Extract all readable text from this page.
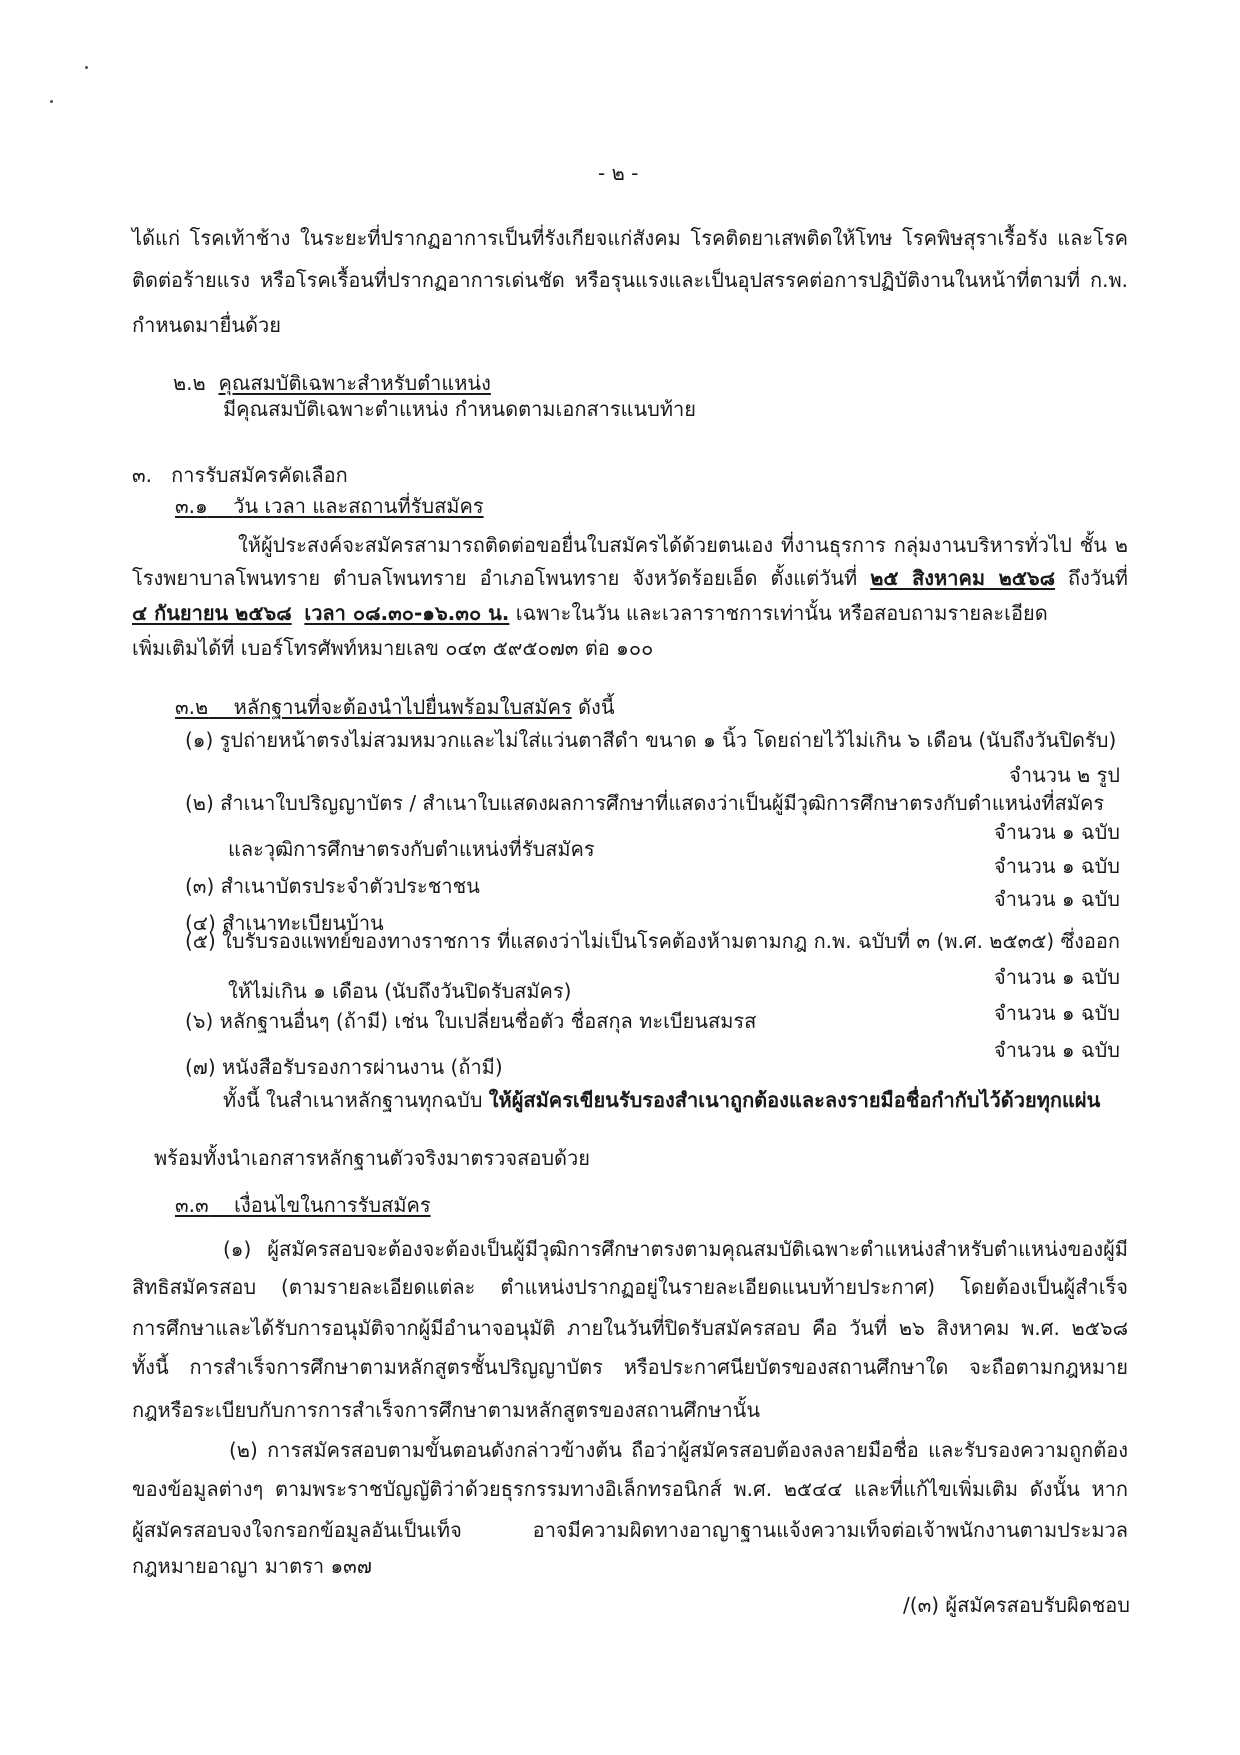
- ๒ -
ได้แก่ โรคเท้าช้าง ในระยะที่ปรากฏอาการเป็นที่รังเกียจแก่สังคม โรคติดยาเสพติดให้โทษ โรคพิษสุราเรื้อรัง และโรค
ติดต่อร้ายแรง หรือโรคเรื้อนที่ปรากฏอาการเด่นชัด หรือรุนแรงและเป็นอุปสรรคต่อการปฏิบัติงานในหน้าที่ตามที่ ก.พ.
กำหนดมายื่นด้วย
๒.๒ คุณสมบัติเฉพาะสำหรับตำแหน่ง
มีคุณสมบัติเฉพาะตำแหน่ง กำหนดตามเอกสารแนบท้าย
๓. การรับสมัครคัดเลือก
๓.๑ วัน เวลา และสถานที่รับสมัคร
ให้ผู้ประสงค์จะสมัครสามารถติดต่อขอยื่นใบสมัครได้ด้วยตนเอง ที่งานธุรการ กลุ่มงานบริหารทั่วไป ชั้น ๒
โรงพยาบาลโพนทราย ตำบลโพนทราย อำเภอโพนทราย จังหวัดร้อยเอ็ด ตั้งแต่วันที่ ๒๕ สิงหาคม ๒๕๖๘ ถึงวันที่
๔ กันยายน ๒๕๖๘ เวลา ๐๘.๓๐-๑๖.๓๐ น. เฉพาะในวัน และเวลาราชการเท่านั้น หรือสอบถามรายละเอียด
เพิ่มเติมได้ที่ เบอร์โทรศัพท์หมายเลข ๐๔๓ ๕๙๕๐๗๓ ต่อ ๑๐๐
๓.๒ หลักฐานที่จะต้องนำไปยื่นพร้อมใบสมัคร ดังนี้
(๑) รูปถ่ายหน้าตรงไม่สวมหมวกและไม่ใส่แว่นตาสีดำ ขนาด ๑ นิ้ว โดยถ่ายไว้ไม่เกิน ๖ เดือน (นับถึงวันปิดรับ)
จำนวน ๒ รูป
(๒) สำเนาใบปริญญาบัตร / สำเนาใบแสดงผลการศึกษาที่แสดงว่าเป็นผู้มีวุฒิการศึกษาตรงกับตำแหน่งที่สมัคร
จำนวน ๑ ฉบับ
และวุฒิการศึกษาตรงกับตำแหน่งที่รับสมัคร
จำนวน ๑ ฉบับ
(๓) สำเนาบัตรประจำตัวประชาชน
จำนวน ๑ ฉบับ
(๔) สำเนาทะเบียนบ้าน
(๕) ใบรับรองแพทย์ของทางราชการ ที่แสดงว่าไม่เป็นโรคต้องห้ามตามกฎ ก.พ. ฉบับที่ ๓ (พ.ศ. ๒๕๓๕) ซึ่งออก
จำนวน ๑ ฉบับ
ให้ไม่เกิน ๑ เดือน (นับถึงวันปิดรับสมัคร)
จำนวน ๑ ฉบับ
(๖) หลักฐานอื่นๆ (ถ้ามี) เช่น ใบเปลี่ยนชื่อตัว ชื่อสกุล ทะเบียนสมรส
จำนวน ๑ ฉบับ
(๗) หนังสือรับรองการผ่านงาน (ถ้ามี)
ทั้งนี้ ในสำเนาหลักฐานทุกฉบับ ให้ผู้สมัครเขียนรับรองสำเนาถูกต้องและลงรายมือชื่อกำกับไว้ด้วยทุกแผ่น
พร้อมทั้งนำเอกสารหลักฐานตัวจริงมาตรวจสอบด้วย
๓.๓ เงื่อนไขในการรับสมัคร
(๑) ผู้สมัครสอบจะต้องจะต้องเป็นผู้มีวุฒิการศึกษาตรงตามคุณสมบัติเฉพาะตำแหน่งสำหรับตำแหน่งของผู้มี
สิทธิสมัครสอบ (ตามรายละเอียดแต่ละ ตำแหน่งปรากฏอยู่ในรายละเอียดแนบท้ายประกาศ) โดยต้องเป็นผู้สำเร็จ
การศึกษาและได้รับการอนุมัติจากผู้มีอำนาจอนุมัติ ภายในวันที่ปิดรับสมัครสอบ คือ วันที่ ๒๖ สิงหาคม พ.ศ. ๒๕๖๘
ทั้งนี้ การสำเร็จการศึกษาตามหลักสูตรชั้นปริญญาบัตร หรือประกาศนียบัตรของสถานศึกษาใด จะถือตามกฎหมาย
กฎหรือระเบียบกับการการสำเร็จการศึกษาตามหลักสูตรของสถานศึกษานั้น
(๒) การสมัครสอบตามขั้นตอนดังกล่าวข้างต้น ถือว่าผู้สมัครสอบต้องลงลายมือชื่อ และรับรองความถูกต้อง
ของข้อมูลต่างๆ ตามพระราชบัญญัติว่าด้วยธุรกรรมทางอิเล็กทรอนิกส์ พ.ศ. ๒๕๔๔ และที่แก้ไขเพิ่มเติม ดังนั้น หาก
ผู้สมัครสอบจงใจกรอกข้อมูลอันเป็นเท็จ อาจมีความผิดทางอาญาฐานแจ้งความเท็จต่อเจ้าพนักงานตามประมวล
กฎหมายอาญา มาตรา ๑๓๗
/(๓) ผู้สมัครสอบรับผิดชอบ
